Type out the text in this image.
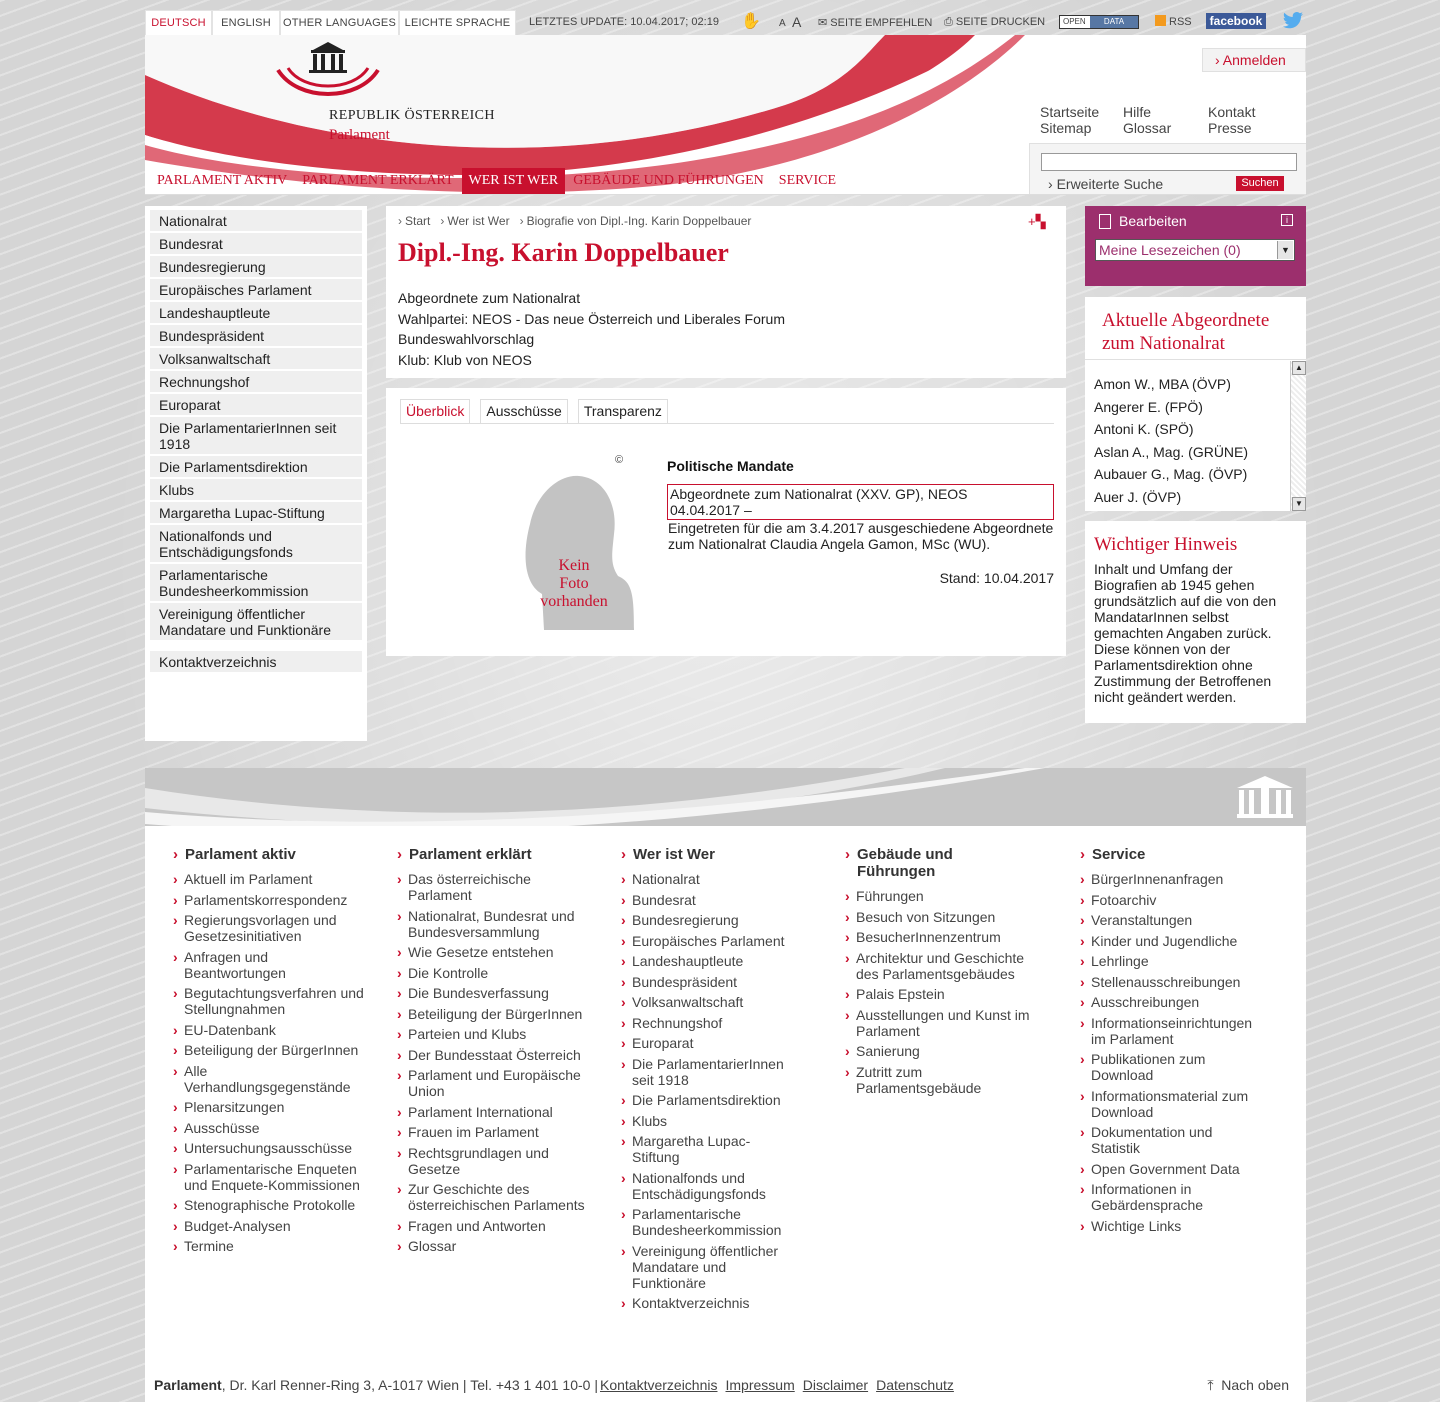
DEUTSCH	ENGLISH	OTHER LANGUAGES LEICHTE SPRACHE	LETZTES UPDATE: 10.04.2017; 02:19 ✋ A A ✉ SEITE EMPFEHLEN ⎙ SEITE DRUCKEN OPEN	DATA	RSS	facebook
REPUBLIK ÖSTERREICH
Parlament
› Anmelden
Startseite
Sitemap
Hilfe
Glossar
Kontakt
Presse
› Erweiterte Suche	Suchen
PARLAMENT AKTIV	PARLAMENT ERKLÄRT	WER IST WER	GEBÄUDE UND FÜHRUNGEN	SERVICE
Nationalrat
Bundesrat
Bundesregierung
Europäisches Parlament
Landeshauptleute
Bundespräsident
Volksanwaltschaft
Rechnungshof
Europarat
Die ParlamentarierInnen seit 1918
Die Parlamentsdirektion
Klubs
Margaretha Lupac-Stiftung
Nationalfonds und Entschädigungsfonds
Parlamentarische Bundesheerkommission
Vereinigung öffentlicher Mandatare und Funktionäre
Kontaktverzeichnis
› Start	› Wer ist Wer	› Biografie von Dipl.-Ing. Karin Doppelbauer	+▚
Dipl.-Ing. Karin Doppelbauer
Abgeordnete zum Nationalrat
Wahlpartei: NEOS - Das neue Österreich und Liberales Forum
Bundeswahlvorschlag
Klub: Klub von NEOS
Überblick	Ausschüsse	Transparenz
Kein
Foto
vorhanden
©	Politische Mandate
Abgeordnete zum Nationalrat (XXV. GP), NEOS
04.04.2017 –
Eingetreten für die am 3.4.2017 ausgeschiedene Abgeordnete zum Nationalrat Claudia Angela Gamon, MSc (WU).
Stand: 10.04.2017
Bearbeiten	i
Meine Lesezeichen (0)	▼
Aktuelle Abgeordnete zum Nationalrat
Amon W., MBA (ÖVP)
Angerer E. (FPÖ)
Antoni K. (SPÖ)
Aslan A., Mag. (GRÜNE)
Aubauer G., Mag. (ÖVP)
Auer J. (ÖVP)
▲
▼
Wichtiger Hinweis
Inhalt und Umfang der Biografien ab 1945 gehen grundsätzlich auf die von den MandatarInnen selbst gemachten Angaben zurück. Diese können von der Parlamentsdirektion ohne Zustimmung der Betroffenen nicht geändert werden.
› Parlament aktiv
› Aktuell im Parlament
› Parlamentskorrespondenz
› Regierungsvorlagen und Gesetzesinitiativen
› Anfragen und Beantwortungen
› Begutachtungsverfahren und Stellungnahmen
› EU-Datenbank
› Beteiligung der BürgerInnen
› Alle Verhandlungsgegenstände
› Plenarsitzungen
› Ausschüsse
› Untersuchungsausschüsse
› Parlamentarische Enqueten und Enquete-Kommissionen
› Stenographische Protokolle
› Budget-Analysen
› Termine
› Parlament erklärt
› Das österreichische Parlament
› Nationalrat, Bundesrat und Bundesversammlung
› Wie Gesetze entstehen
› Die Kontrolle
› Die Bundesverfassung
› Beteiligung der BürgerInnen
› Parteien und Klubs
› Der Bundesstaat Österreich
› Parlament und Europäische Union
› Parlament International
› Frauen im Parlament
› Rechtsgrundlagen und Gesetze
› Zur Geschichte des österreichischen Parlaments
› Fragen und Antworten
› Glossar
› Wer ist Wer
› Nationalrat
› Bundesrat
› Bundesregierung
› Europäisches Parlament
› Landeshauptleute
› Bundespräsident
› Volksanwaltschaft
› Rechnungshof
› Europarat
› Die ParlamentarierInnen seit 1918
› Die Parlamentsdirektion
› Klubs
› Margaretha Lupac-Stiftung
› Nationalfonds und Entschädigungsfonds
› Parlamentarische Bundesheerkommission
› Vereinigung öffentlicher Mandatare und Funktionäre
› Kontaktverzeichnis
› Gebäude und Führungen
› Führungen
› Besuch von Sitzungen
› BesucherInnenzentrum
› Architektur und Geschichte des Parlamentsgebäudes
› Palais Epstein
› Ausstellungen und Kunst im Parlament
› Sanierung
› Zutritt zum Parlamentsgebäude
› Service
› BürgerInnenanfragen
› Fotoarchiv
› Veranstaltungen
› Kinder und Jugendliche
› Lehrlinge
› Stellenausschreibungen
› Ausschreibungen
› Informationseinrichtungen im Parlament
› Publikationen zum Download
› Informationsmaterial zum Download
› Dokumentation und Statistik
› Open Government Data
› Informationen in Gebärdensprache
› Wichtige Links
Parlament, Dr. Karl Renner-Ring 3, A-1017 Wien | Tel. +43 1 401 10-0 | Kontaktverzeichnis Impressum Disclaimer Datenschutz	⤒  Nach oben
